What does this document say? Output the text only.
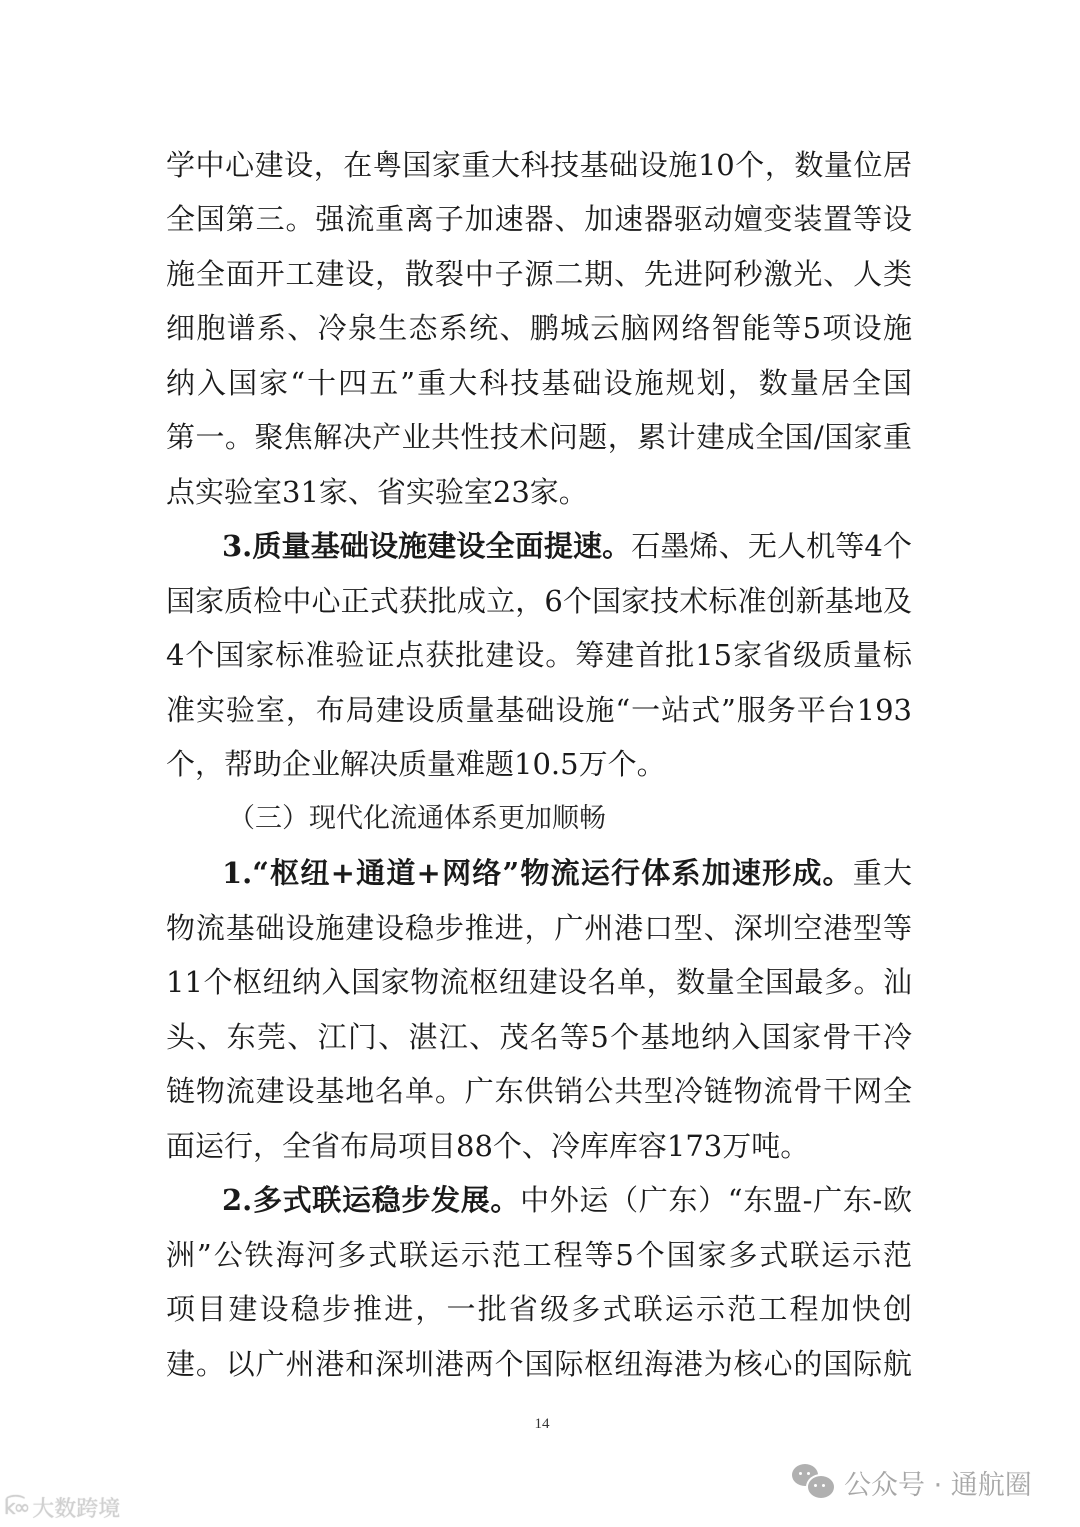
学中心建设，在粤国家重大科技基础设施10个，数量位居
全国第三。强流重离子加速器、加速器驱动嬗变装置等设
施全面开工建设，散裂中子源二期、先进阿秒激光、人类
细胞谱系、冷泉生态系统、鹏城云脑网络智能等5项设施
纳入国家“十四五”重大科技基础设施规划，数量居全国
第一。聚焦解决产业共性技术问题，累计建成全国/国家重
点实验室31家、省实验室23家。
3.质量基础设施建设全面提速。石墨烯、无人机等4个
国家质检中心正式获批成立，6个国家技术标准创新基地及
4个国家标准验证点获批建设。筹建首批15家省级质量标
准实验室，布局建设质量基础设施“一站式”服务平台193
个，帮助企业解决质量难题10.5万个。
（三）现代化流通体系更加顺畅
1.“枢纽+通道+网络”物流运行体系加速形成。重大
物流基础设施建设稳步推进，广州港口型、深圳空港型等
11个枢纽纳入国家物流枢纽建设名单，数量全国最多。汕
头、东莞、江门、湛江、茂名等5个基地纳入国家骨干冷
链物流建设基地名单。广东供销公共型冷链物流骨干网全
面运行，全省布局项目88个、冷库库容173万吨。
2.多式联运稳步发展。中外运（广东）“东盟-广东-欧
洲”公铁海河多式联运示范工程等5个国家多式联运示范
项目建设稳步推进，一批省级多式联运示范工程加快创
建。以广州港和深圳港两个国际枢纽海港为核心的国际航
14
公众号 · 通航圈
k͡∞ 大数跨境
